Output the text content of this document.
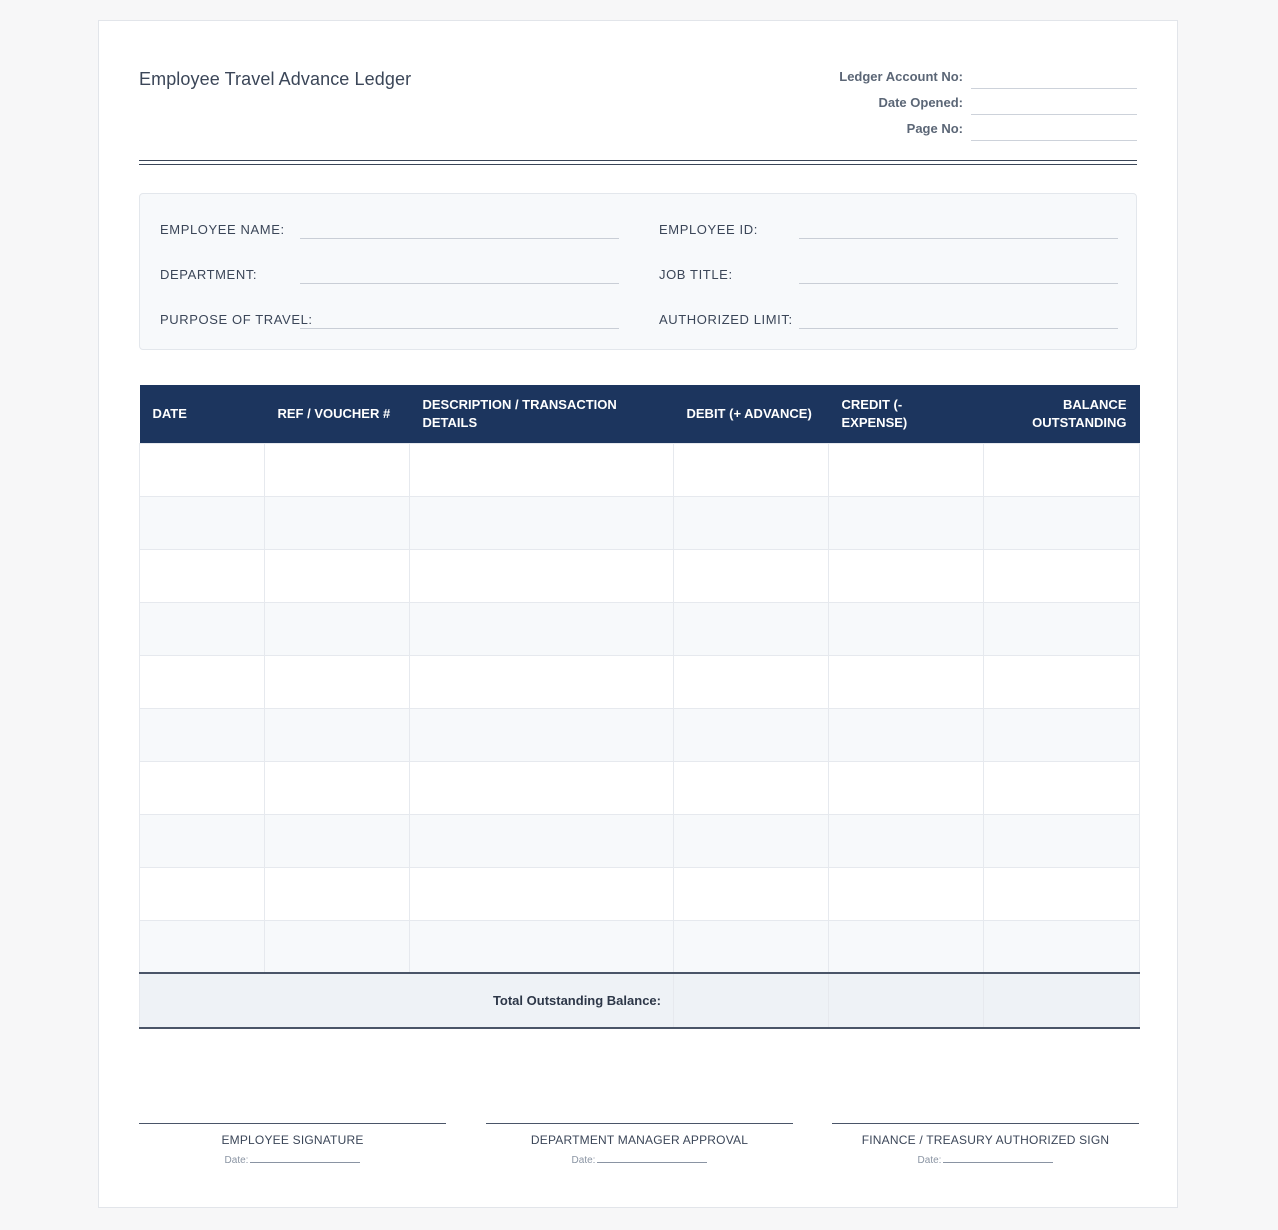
Employee Travel Advance Ledger	Ledger Account No:
Date Opened:
Page No:
EMPLOYEE NAME:	EMPLOYEE ID:
DEPARTMENT:	JOB TITLE:
PURPOSE OF TRAVEL:	AUTHORIZED LIMIT:
DATE	REF / VOUCHER #	DESCRIPTION / TRANSACTION DETAILS	DEBIT (+ ADVANCE)	CREDIT (- EXPENSE)	BALANCE OUTSTANDING

Total Outstanding Balance:					
EMPLOYEE SIGNATURE
Date:
DEPARTMENT MANAGER APPROVAL
Date:
FINANCE / TREASURY AUTHORIZED SIGN
Date:
